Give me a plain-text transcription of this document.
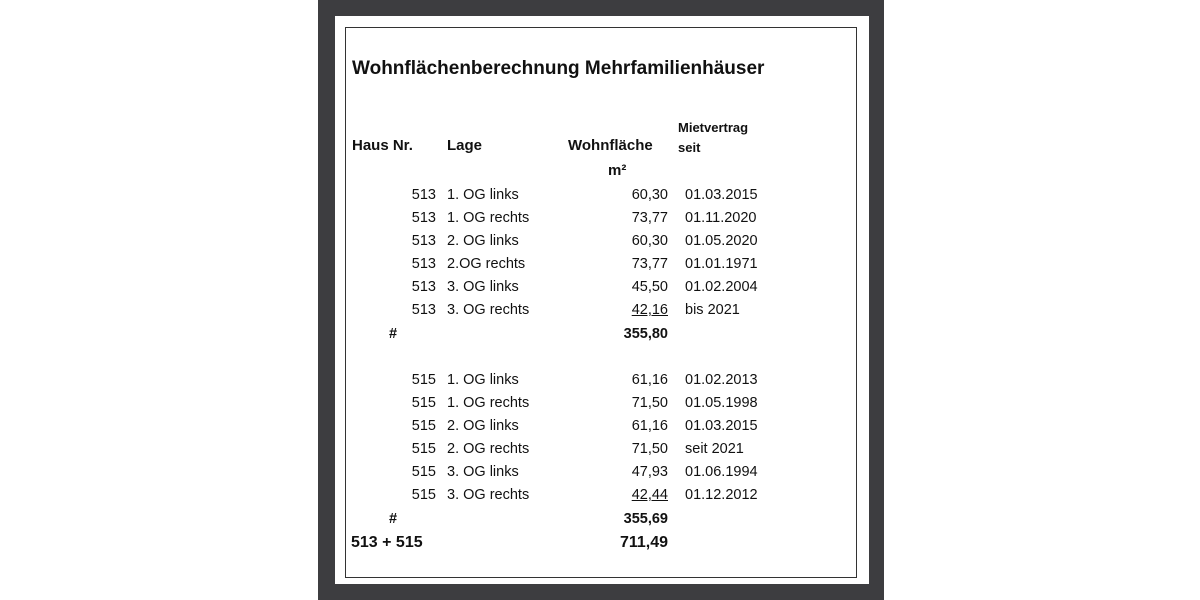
Wohnflächenberechnung Mehrfamilienhäuser
Haus Nr. Lage	Wohnfläche
m²
Mietvertrag
seit
513 1. OG links	60,30 01.03.2015
513 1. OG rechts	73,77 01.11.2020
513 2. OG links	60,30 01.05.2020
513 2.OG rechts	73,77 01.01.1971
513 3. OG links	45,50 01.02.2004
513 3. OG rechts	42,16 bis 2021
#	355,80
515 1. OG links	61,16 01.02.2013
515 1. OG rechts	71,50 01.05.1998
515 2. OG links	61,16 01.03.2015
515 2. OG rechts	71,50 seit 2021
515 3. OG links	47,93 01.06.1994
515 3. OG rechts	42,44 01.12.2012
#	355,69
513 + 515	711,49
